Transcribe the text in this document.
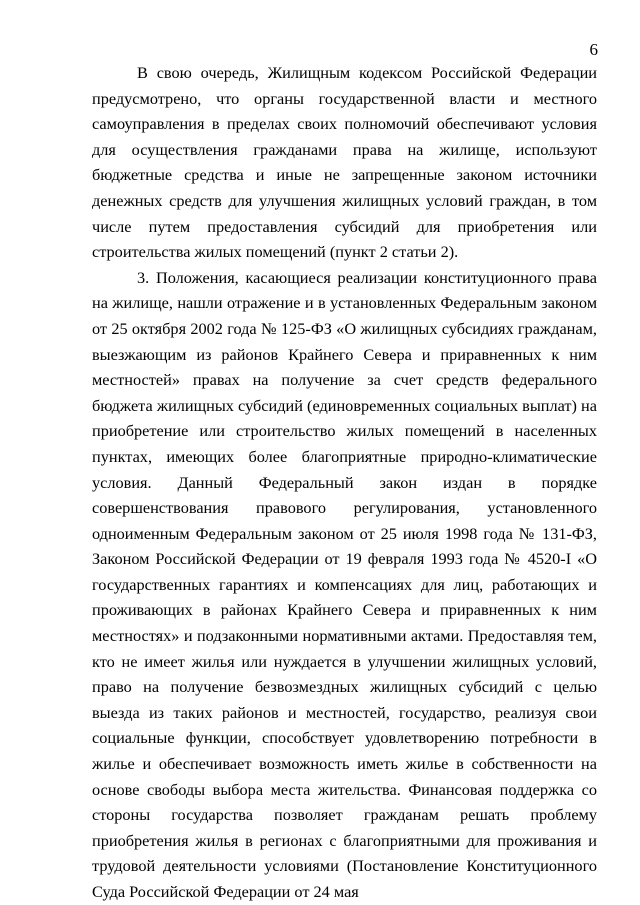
6

В свою очередь, Жилищным кодексом Российской Федерации предусмотрено, что органы государственной власти и местного самоуправления в пределах своих полномочий обеспечивают условия для осуществления гражданами права на жилище, используют бюджетные средства и иные не запрещенные законом источники денежных средств для улучшения жилищных условий граждан, в том числе путем предоставления субсидий для приобретения или строительства жилых помещений (пункт 2 статьи 2).

3. Положения, касающиеся реализации конституционного права на жилище, нашли отражение и в установленных Федеральным законом от 25 октября 2002 года № 125-ФЗ «О жилищных субсидиях гражданам, выезжающим из районов Крайнего Севера и приравненных к ним местностей» правах на получение за счет средств федерального бюджета жилищных субсидий (единовременных социальных выплат) на приобретение или строительство жилых помещений в населенных пунктах, имеющих более благоприятные природно-климатические условия. Данный Федеральный закон издан в порядке совершенствования правового регулирования, установленного одноименным Федеральным законом от 25 июля 1998 года № 131-ФЗ, Законом Российской Федерации от 19 февраля 1993 года № 4520-I «О государственных гарантиях и компенсациях для лиц, работающих и проживающих в районах Крайнего Севера и приравненных к ним местностях» и подзаконными нормативными актами. Предоставляя тем, кто не имеет жилья или нуждается в улучшении жилищных условий, право на получение безвозмездных жилищных субсидий с целью выезда из таких районов и местностей, государство, реализуя свои социальные функции, способствует удовлетворению потребности в жилье и обеспечивает возможность иметь жилье в собственности на основе свободы выбора места жительства. Финансовая поддержка со стороны государства позволяет гражданам решать проблему приобретения жилья в регионах с благоприятными для проживания и трудовой деятельности условиями (Постановление Конституционного Суда Российской Федерации от 24 мая
